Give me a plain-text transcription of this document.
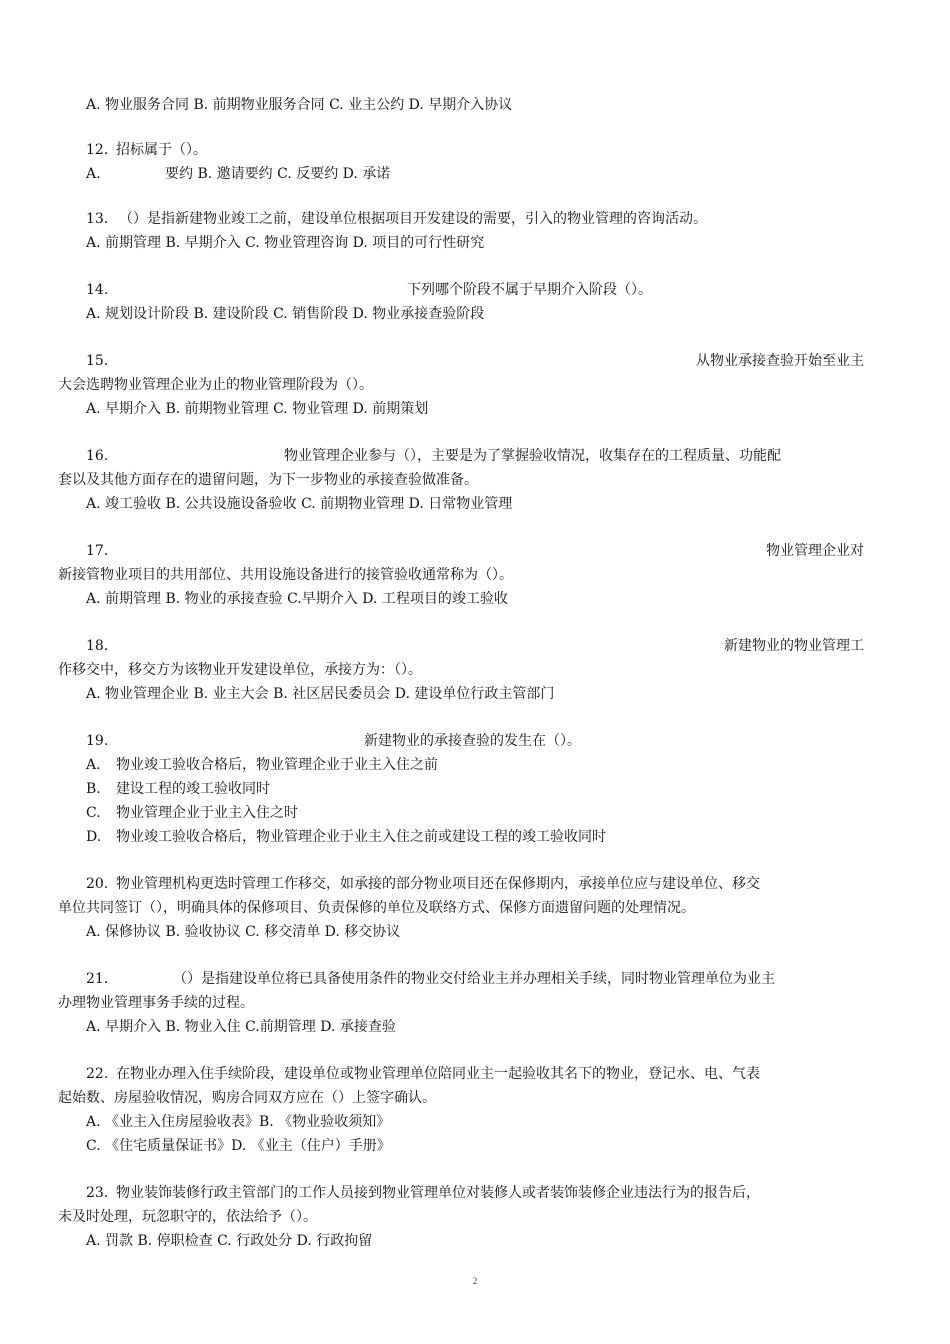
A. 物业服务合同 B. 前期物业服务合同 C. 业主公约 D. 早期介入协议
12．
招标属于（）。
A.	要约 B. 邀请要约 C. 反要约 D. 承诺
13． （）是指新建物业竣工之前，建设单位根据项目开发建设的需要，引入的物业管理的咨询活动。
A. 前期管理 B. 早期介入 C. 物业管理咨询 D. 项目的可行性研究
14.	下列哪个阶段不属于早期介入阶段（）。
A. 规划设计阶段 B. 建设阶段 C. 销售阶段 D. 物业承接查验阶段
15.	从物业承接查验开始至业主
大会选聘物业管理企业为止的物业管理阶段为（）。
A. 早期介入 B. 前期物业管理 C. 物业管理 D. 前期策划
16.	物业管理企业参与（），主要是为了掌握验收情况，收集存在的工程质量、功能配
套以及其他方面存在的遗留问题，为下一步物业的承接查验做准备。
A. 竣工验收 B. 公共设施设备验收 C. 前期物业管理 D. 日常物业管理
17.	物业管理企业对
新接管物业项目的共用部位、共用设施设备进行的接管验收通常称为（）。
A. 前期管理 B. 物业的承接查验 C.早期介入 D. 工程项目的竣工验收
18.	新建物业的物业管理工
作移交中，移交方为该物业开发建设单位，承接方为：（）。
A. 物业管理企业 B. 业主大会 B. 社区居民委员会 D. 建设单位行政主管部门
19.	新建物业的承接查验的发生在（）。
A. 物业竣工验收合格后，物业管理企业于业主入住之前
B. 建设工程的竣工验收同时
C. 物业管理企业于业主入住之时
D. 物业竣工验收合格后，物业管理企业于业主入住之前或建设工程的竣工验收同时
20. 物业管理机构更迭时管理工作移交，如承接的部分物业项目还在保修期内，承接单位应与建设单位、移交
单位共同签订（），明确具体的保修项目、负责保修的单位及联络方式、保修方面遗留问题的处理情况。
A. 保修协议 B. 验收协议 C. 移交清单 D. 移交协议
21.	（）是指建设单位将已具备使用条件的物业交付给业主并办理相关手续，同时物业管理单位为业主
办理物业管理事务手续的过程。
A. 早期介入 B. 物业入住 C.前期管理 D. 承接查验
22. 在物业办理入住手续阶段，建设单位或物业管理单位陪同业主一起验收其名下的物业，登记水、电、气表
起始数、房屋验收情况，购房合同双方应在（）上签字确认。
A. 《业主入住房屋验收表》B. 《物业验收须知》
C. 《住宅质量保证书》D. 《业主（住户）手册》
23. 物业装饰装修行政主管部门的工作人员接到物业管理单位对装修人或者装饰装修企业违法行为的报告后，
未及时处理，玩忽职守的，依法给予（）。
A. 罚款 B. 停职检查 C. 行政处分 D. 行政拘留
2
